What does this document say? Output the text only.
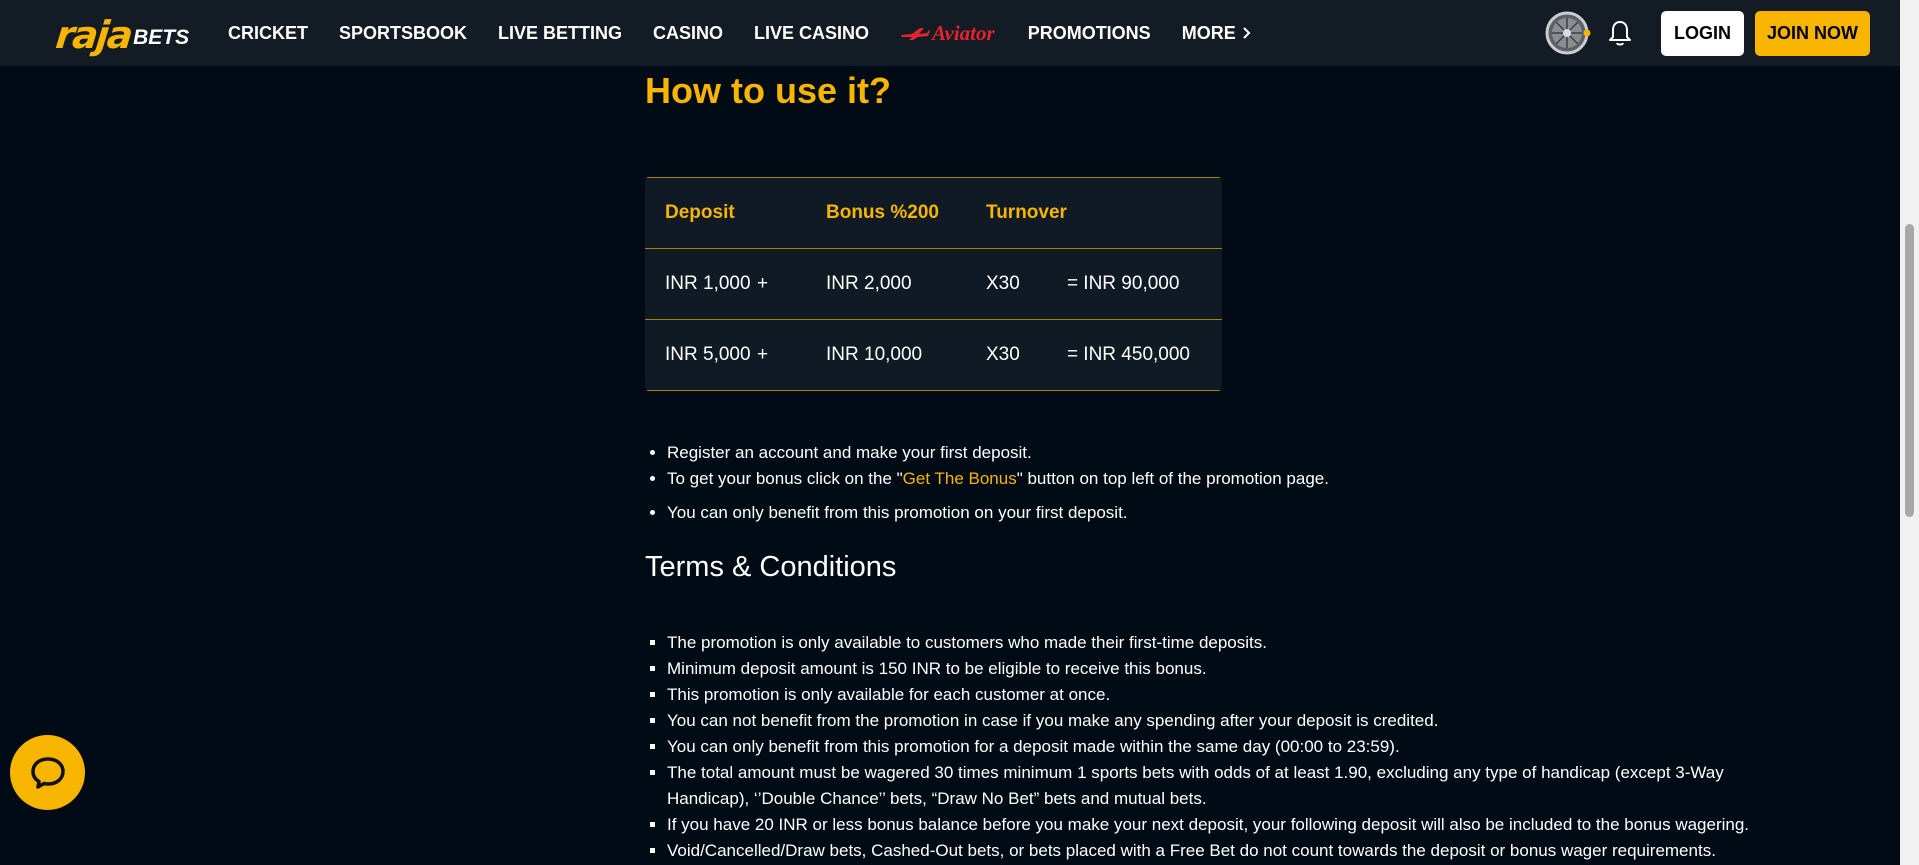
raja BETS CRICKET SPORTSBOOK LIVE BETTING CASINO LIVE CASINO	Aviator PROMOTIONS MORE	LOGIN	JOIN NOW
How to use it?
Deposit		Bonus %200	Turnover	
INR 1,000	+	INR 2,000	X30	= INR 90,000
INR 5,000	+	INR 10,000	X30	= INR 450,000
• Register an account and make your first deposit.
• To get your bonus click on the "Get The Bonus" button on top left of the promotion page.
• You can only benefit from this promotion on your first deposit.
Terms & Conditions
▪ The promotion is only available to customers who made their first-time deposits.
▪ Minimum deposit amount is 150 INR to be eligible to receive this bonus.
▪ This promotion is only available for each customer at once.
▪ You can not benefit from the promotion in case if you make any spending after your deposit is credited.
▪ You can only benefit from this promotion for a deposit made within the same day (00:00 to 23:59).
▪ The total amount must be wagered 30 times minimum 1 sports bets with odds of at least 1.90, excluding any type of handicap (except 3-Way Handicap), ‘’Double Chance’’ bets, “Draw No Bet” bets and mutual bets.
▪ If you have 20 INR or less bonus balance before you make your next deposit, your following deposit will also be included to the bonus wagering.
▪ Void/Cancelled/Draw bets, Cashed-Out bets, or bets placed with a Free Bet do not count towards the deposit or bonus wager requirements.
